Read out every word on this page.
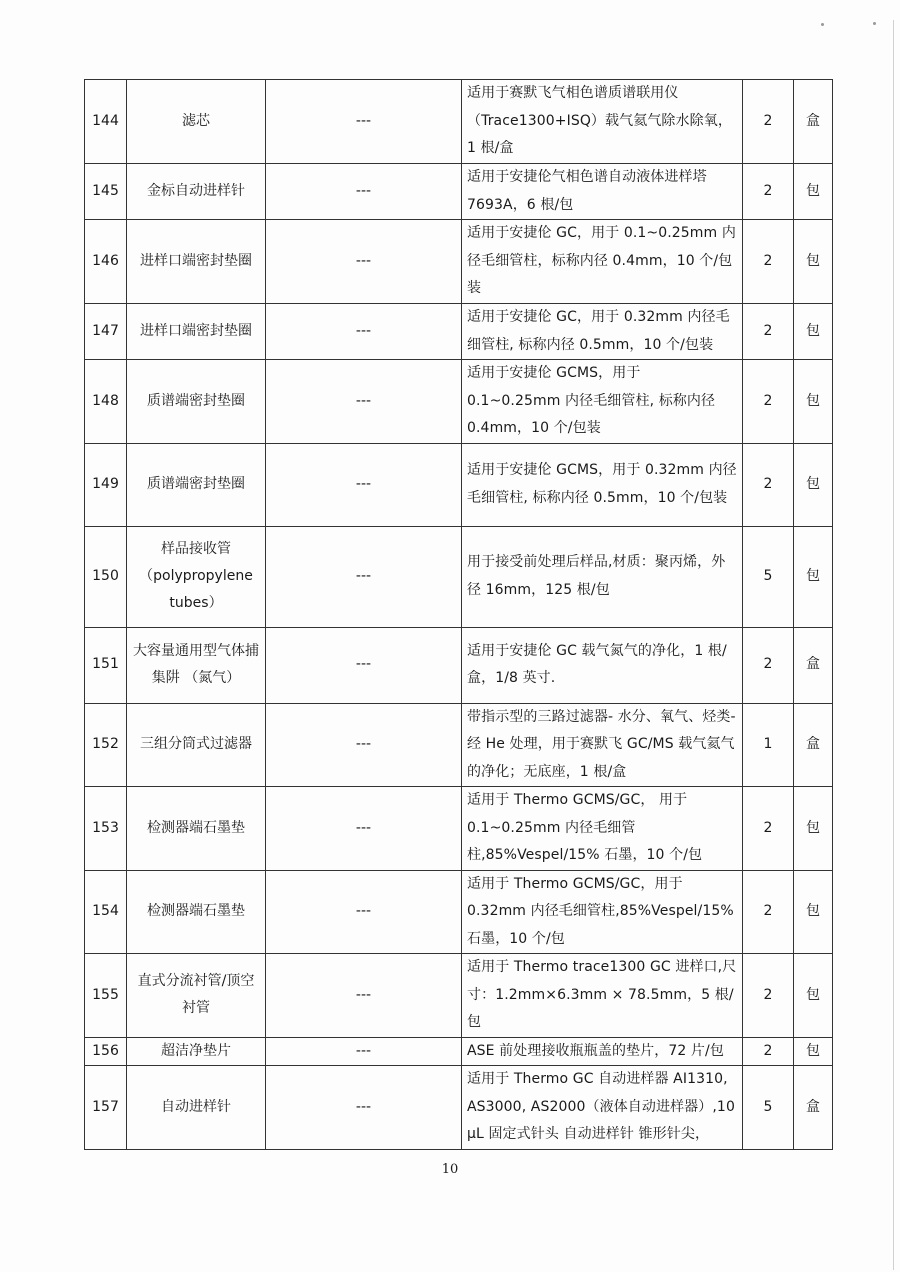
144	滤芯	---	适用于赛默飞气相色谱质谱联用仪（Trace1300+ISQ）载气氦气除水除氧，1 根/盒	2	盒
145	金标自动进样针	---	适用于安捷伦气相色谱自动液体进样塔 7693A，6 根/包	2	包
146	进样口端密封垫圈	---	适用于安捷伦 GC，用于 0.1~0.25mm 内径毛细管柱，标称内径 0.4mm，10 个/包装	2	包
147	进样口端密封垫圈	---	适用于安捷伦 GC，用于 0.32mm 内径毛细管柱, 标称内径 0.5mm，10 个/包装	2	包
148	质谱端密封垫圈	---	适用于安捷伦 GCMS，用于 0.1~0.25mm 内径毛细管柱, 标称内径 0.4mm，10 个/包装	2	包
149	质谱端密封垫圈	---	适用于安捷伦 GCMS，用于 0.32mm 内径毛细管柱, 标称内径 0.5mm，10 个/包装	2	包
150	样品接收管（polypropylene tubes）	---	用于接受前处理后样品,材质：聚丙烯，外径 16mm，125 根/包	5	包
151	大容量通用型气体捕集阱 （氮气）	---	适用于安捷伦 GC 载气氮气的净化，1 根/盒，1/8 英寸.	2	盒
152	三组分筒式过滤器	---	带指示型的三路过滤器- 水分、氧气、烃类- 经 He 处理，用于赛默飞 GC/MS 载气氦气的净化；无底座，1 根/盒	1	盒
153	检测器端石墨垫	---	适用于 Thermo GCMS/GC， 用于 0.1~0.25mm 内径毛细管柱,85%Vespel/15% 石墨，10 个/包	2	包
154	检测器端石墨垫	---	适用于 Thermo GCMS/GC，用于 0.32mm 内径毛细管柱,85%Vespel/15% 石墨，10 个/包	2	包
155	直式分流衬管/顶空衬管	---	适用于 Thermo trace1300 GC 进样口,尺寸：1.2mm×6.3mm × 78.5mm，5 根/包	2	包
156	超洁净垫片	---	ASE 前处理接收瓶瓶盖的垫片，72 片/包	2	包
157	自动进样针	---	适用于 Thermo GC 自动进样器 AI1310, AS3000, AS2000（液体自动进样器）,10 μL 固定式针头 自动进样针 锥形针尖，	5	盒
10
